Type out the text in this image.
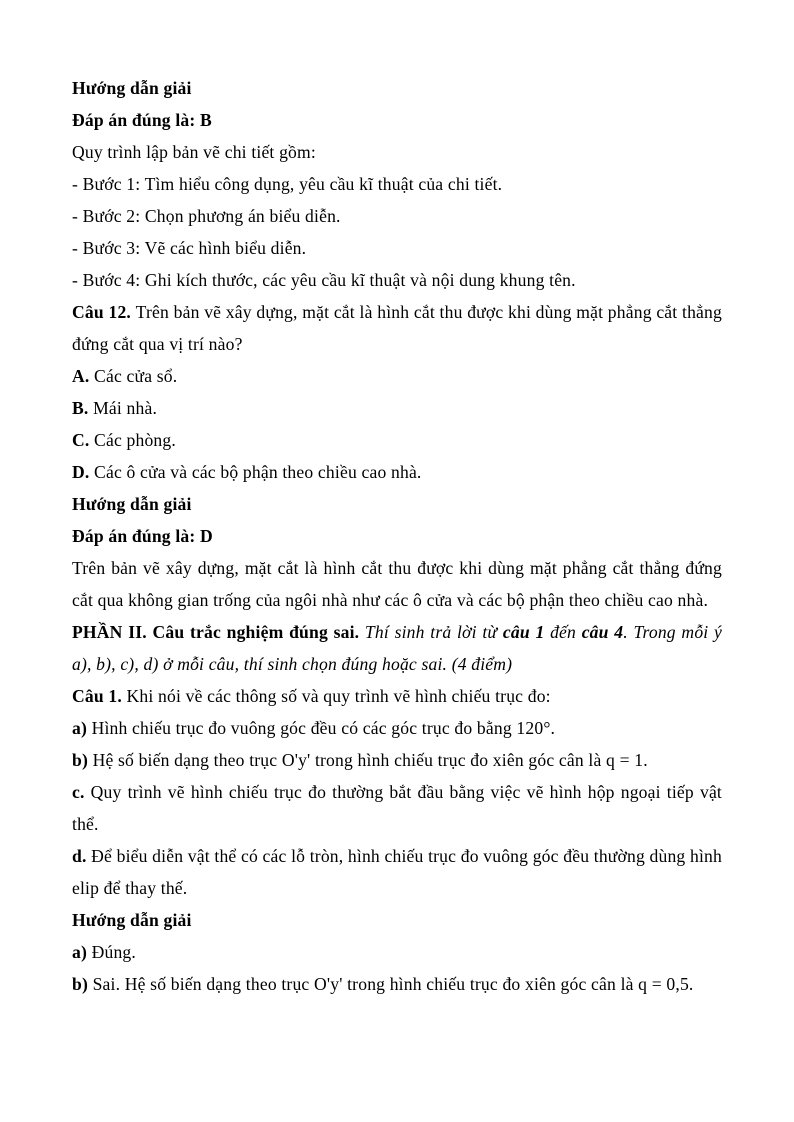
Hướng dẫn giải

Đáp án đúng là: B

Quy trình lập bản vẽ chi tiết gồm:

- Bước 1: Tìm hiểu công dụng, yêu cầu kĩ thuật của chi tiết.

- Bước 2: Chọn phương án biểu diễn.

- Bước 3: Vẽ các hình biểu diễn.

- Bước 4: Ghi kích thước, các yêu cầu kĩ thuật và nội dung khung tên.

Câu 12. Trên bản vẽ xây dựng, mặt cắt là hình cắt thu được khi dùng mặt phẳng cắt thẳng đứng cắt qua vị trí nào?

A. Các cửa sổ.

B. Mái nhà.

C. Các phòng.

D. Các ô cửa và các bộ phận theo chiều cao nhà.

Hướng dẫn giải

Đáp án đúng là: D

Trên bản vẽ xây dựng, mặt cắt là hình cắt thu được khi dùng mặt phẳng cắt thẳng đứng cắt qua không gian trống của ngôi nhà như các ô cửa và các bộ phận theo chiều cao nhà.

PHẦN II. Câu trắc nghiệm đúng sai. Thí sinh trả lời từ câu 1 đến câu 4. Trong mỗi ý a), b), c), d) ở mỗi câu, thí sinh chọn đúng hoặc sai. (4 điểm)

Câu 1. Khi nói về các thông số và quy trình vẽ hình chiếu trục đo:

a) Hình chiếu trục đo vuông góc đều có các góc trục đo bằng 120°.

b) Hệ số biến dạng theo trục O'y' trong hình chiếu trục đo xiên góc cân là q = 1.

c. Quy trình vẽ hình chiếu trục đo thường bắt đầu bằng việc vẽ hình hộp ngoại tiếp vật thể.

d. Để biểu diễn vật thể có các lỗ tròn, hình chiếu trục đo vuông góc đều thường dùng hình elip để thay thế.

Hướng dẫn giải

a) Đúng.

b) Sai. Hệ số biến dạng theo trục O'y' trong hình chiếu trục đo xiên góc cân là q = 0,5.
